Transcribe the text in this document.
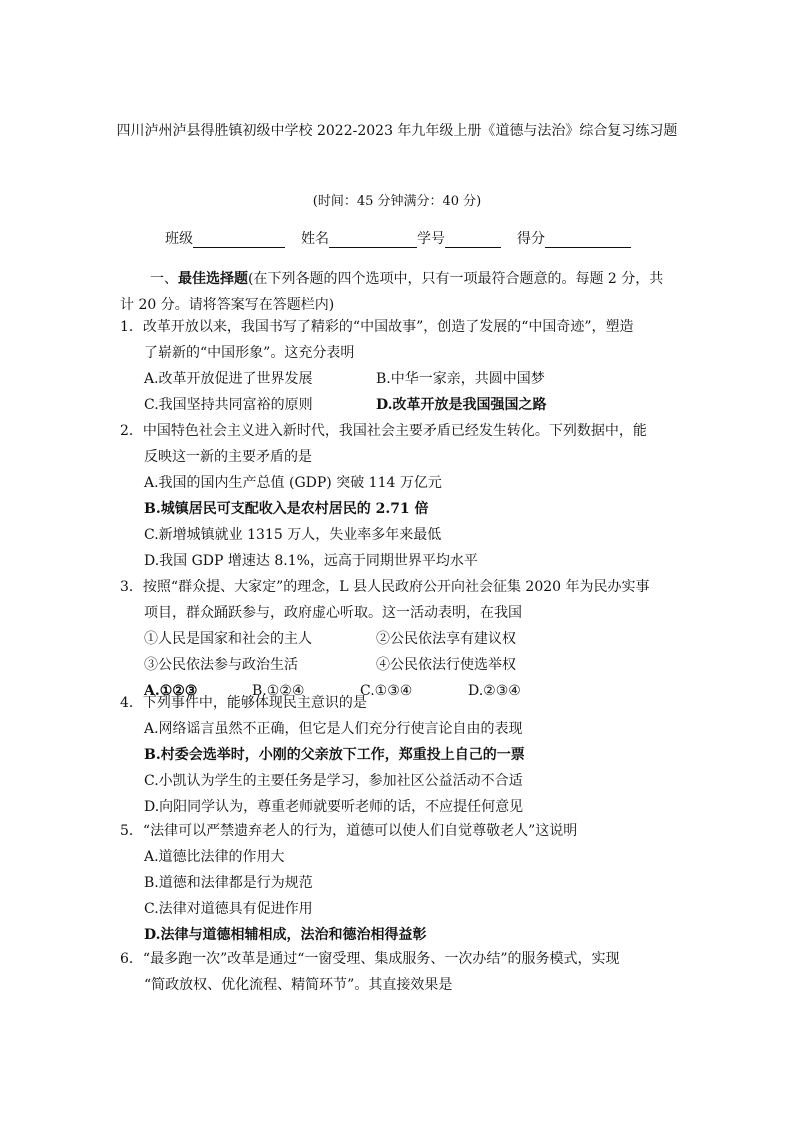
四川泸州泸县得胜镇初级中学校 2022-2023 年九年级上册《道德与法治》综合复习练习题
(时间：45 分钟满分：40 分)
班级	姓名	学号	得分
一、最佳选择题(在下列各题的四个选项中，只有一项最符合题意的。每题 2 分，共
计 20 分。请将答案写在答题栏内)
1．改革开放以来，我国书写了精彩的“中国故事”，创造了发展的“中国奇迹”，塑造
了崭新的“中国形象”。这充分表明
A.改革开放促进了世界发展	B.中华一家亲，共圆中国梦
C.我国坚持共同富裕的原则	D.改革开放是我国强国之路
2．中国特色社会主义进入新时代，我国社会主要矛盾已经发生转化。下列数据中，能
反映这一新的主要矛盾的是
A.我国的国内生产总值 (GDP) 突破 114 万亿元
B.城镇居民可支配收入是农村居民的 2.71 倍
C.新增城镇就业 1315 万人，失业率多年来最低
D.我国 GDP 增速达 8.1%，远高于同期世界平均水平
3．按照“群众提、大家定”的理念，L 县人民政府公开向社会征集 2020 年为民办实事
项目，群众踊跃参与，政府虚心听取。这一活动表明，在我国
①人民是国家和社会的主人	②公民依法享有建议权
③公民依法参与政治生活	④公民依法行使选举权
A.①②③	B.①②④	C.①③④	D.②③④
4．下列事件中，能够体现民主意识的是
A.网络谣言虽然不正确，但它是人们充分行使言论自由的表现
B.村委会选举时，小刚的父亲放下工作，郑重投上自己的一票
C.小凯认为学生的主要任务是学习，参加社区公益活动不合适
D.向阳同学认为，尊重老师就要听老师的话，不应提任何意见
5．“法律可以严禁遗弃老人的行为，道德可以使人们自觉尊敬老人”这说明
A.道德比法律的作用大
B.道德和法律都是行为规范
C.法律对道德具有促进作用
D.法律与道德相辅相成，法治和德治相得益彰
6．“最多跑一次”改革是通过“一窗受理、集成服务、一次办结”的服务模式，实现
“简政放权、优化流程、精简环节”。其直接效果是
